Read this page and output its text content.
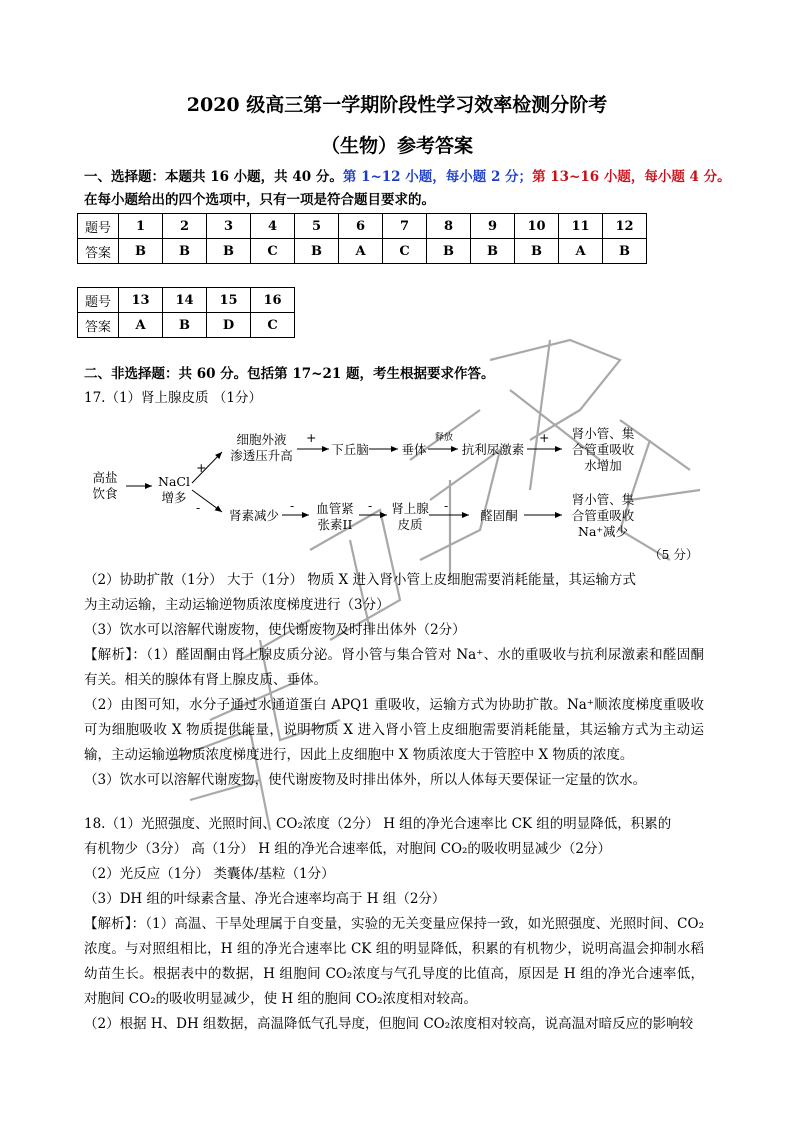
2020 级高三第一学期阶段性学习效率检测分阶考
（生物）参考答案
一、选择题：本题共 16 小题，共 40 分。第 1~12 小题，每小题 2 分；第 13~16 小题，每小题 4 分。
在每小题给出的四个选项中，只有一项是符合题目要求的。
题号	1	2	3	4	5	6	7	8	9	10	11	12
答案	B	B	B	C	B	A	C	B	B	B	A	B
题号	13	14	15	16
答案	A	B	D	C
二、非选择题：共 60 分。包括第 17~21 题，考生根据要求作答。
17.（1）肾上腺皮质 （1分）
高盐
饮食
NaCl
增多
+
-
细胞外液
渗透压升高
+
下丘脑	垂体
释放
抗利尿激素
+	肾小管、集
合管重吸收
水增加
肾素减少
-	血管紧
张素II
- 肾上腺
皮质
-
醛固酮
肾小管、集
合管重吸收
Na⁺减少
（5 分）
（2）协助扩散（1分） 大于（1分） 物质 X 进入肾小管上皮细胞需要消耗能量，其运输方式
为主动运输，主动运输逆物质浓度梯度进行（3分）
（3）饮水可以溶解代谢废物，使代谢废物及时排出体外（2分）
【解析】：（1）醛固酮由肾上腺皮质分泌。肾小管与集合管对 Na⁺、水的重吸收与抗利尿激素和醛固酮有关。相关的腺体有肾上腺皮质、垂体。
（2）由图可知，水分子通过水通道蛋白 APQ1 重吸收，运输方式为协助扩散。Na⁺顺浓度梯度重吸收可为细胞吸收 X 物质提供能量，说明物质 X 进入肾小管上皮细胞需要消耗能量，其运输方式为主动运输，主动运输逆物质浓度梯度进行，因此上皮细胞中 X 物质浓度大于管腔中 X 物质的浓度。
（3）饮水可以溶解代谢废物，使代谢废物及时排出体外，所以人体每天要保证一定量的饮水。
18.（1）光照强度、光照时间、CO₂浓度（2分） H 组的净光合速率比 CK 组的明显降低，积累的
有机物少（3分） 高（1分） H 组的净光合速率低，对胞间 CO₂的吸收明显减少（2分）
（2）光反应（1分） 类囊体/基粒（1分）
（3）DH 组的叶绿素含量、净光合速率均高于 H 组（2分）
【解析】：（1）高温、干旱处理属于自变量，实验的无关变量应保持一致，如光照强度、光照时间、CO₂浓度。与对照组相比，H 组的净光合速率比 CK 组的明显降低，积累的有机物少，说明高温会抑制水稻幼苗生长。根据表中的数据，H 组胞间 CO₂浓度与气孔导度的比值高，原因是 H 组的净光合速率低，对胞间 CO₂的吸收明显减少，使 H 组的胞间 CO₂浓度相对较高。
（2）根据 H、DH 组数据，高温降低气孔导度，但胞间 CO₂浓度相对较高，说高温对暗反应的影响较
